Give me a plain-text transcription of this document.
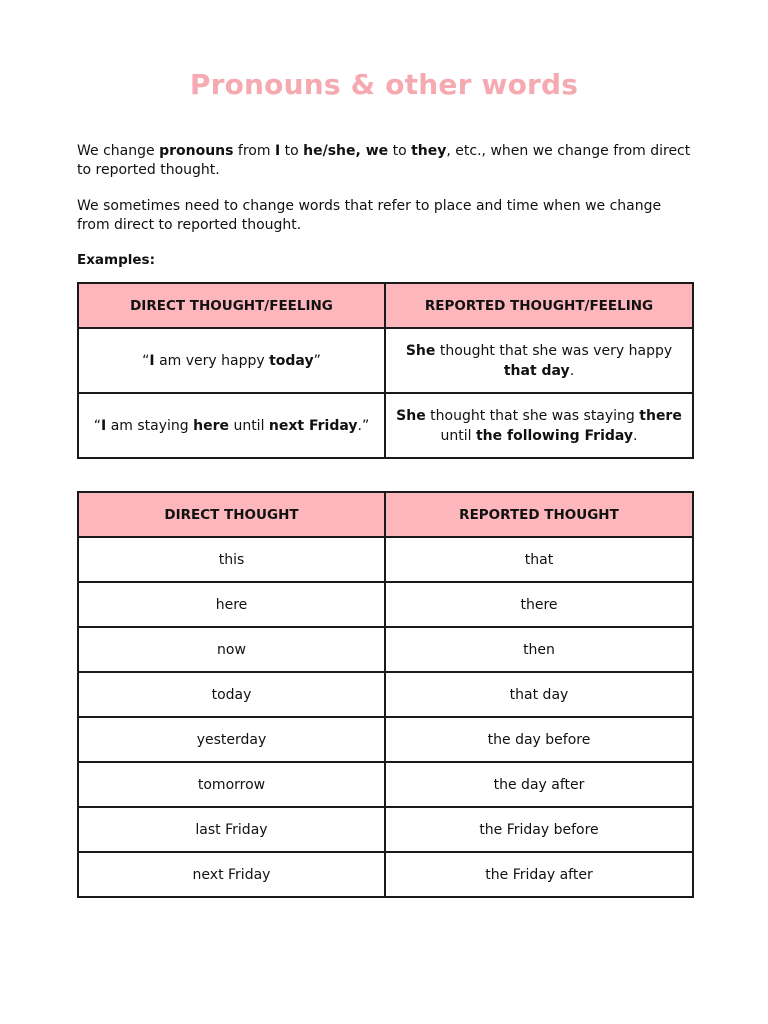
Pronouns & other words

We change pronouns from I to he/she, we to they, etc., when we change from direct to reported thought.

We sometimes need to change words that refer to place and time when we change from direct to reported thought.

Examples:

DIRECT THOUGHT/FEELING	REPORTED THOUGHT/FEELING
“I am very happy today”	She thought that she was very happy that day.
“I am staying here until next Friday.”	She thought that she was staying there until the following Friday.
DIRECT THOUGHT	REPORTED THOUGHT
this	that
here	there
now	then
today	that day
yesterday	the day before
tomorrow	the day after
last Friday	the Friday before
next Friday	the Friday after
